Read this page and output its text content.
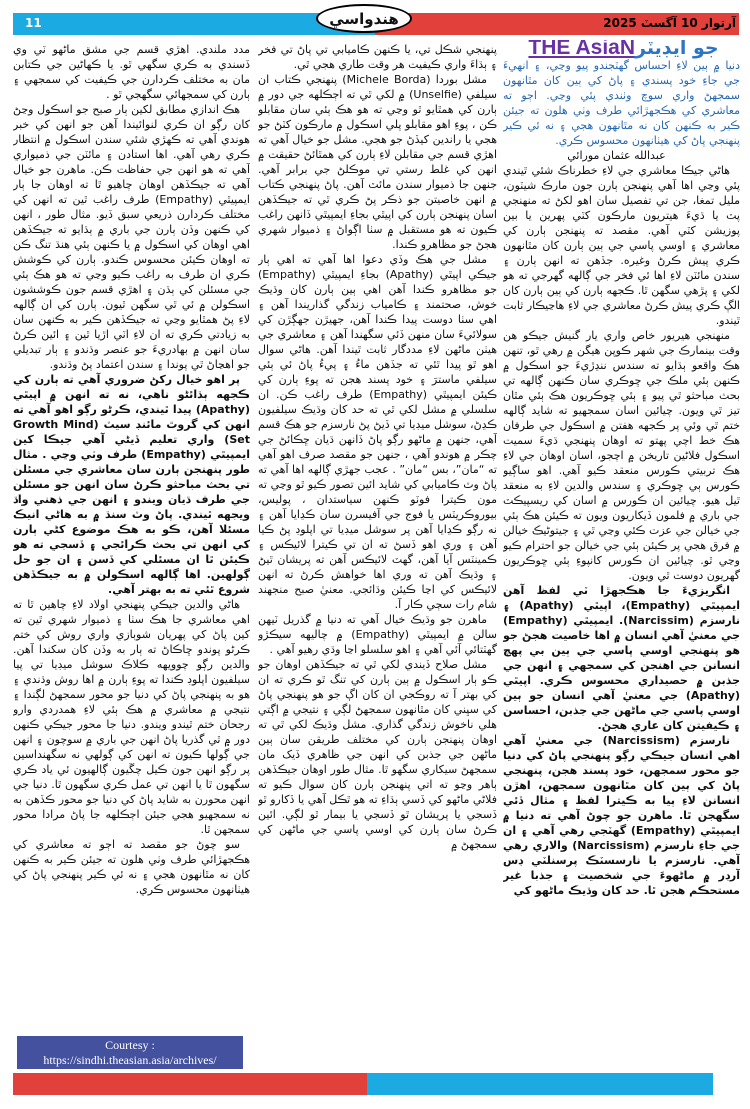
11	آرتوار 10 آگسٽ 2025
هندواسي

THE AsiaNجو ايڊيٽر

دنيا ۾ ٻين لاءِ احساس گهٽجندو پيو وڃي، ۽ انهيءَ جي جاءِ خود پسندي ۽ پاڻ کي ٻين کان مٿانهون سمجهڻ واري سوچ وٺندي پئي وڃي. اڄو ته معاشري کي هڪجهڙائي طرف وٺي هلون ته جيئن ڪير به ڪنهن کان نه مٿانهون هجي ۽ نه ئي ڪير پنهنجي پاڻ کي هيٺانهون محسوس ڪري.

عبدالله عثمان مورائي

هاڻي جيڪا معاشري جي لاءِ خطرناڪ شئي ٿيندي پئي وڃي اها آهي پنهنجن ٻارن جون مارڪ شيٽون، مليل تمغا، جن تي تفصيل سان اهو لکڻ ته منهنجي پٽ يا ڌيءَ هيتريون مارڪون کٽي پهرين يا بين پوزيشن کٽي آهي. مقصد ته پنهنجن ٻارن کي معاشري ۽ اوسي پاسي جي ٻين ٻارن کان مٿانهون ڪري پيش ڪرڻ وغيره. جڏهن ته انهن ٻارن ۽ سندن مائٽن لاءِ اها ئي فخر جي ڳالهه گهرجي ته هو لکي ۽ پڙهي سگهن ٿا. ڪجهه ٻارن کي ٻين ٻارن کان الڳ ڪري پيش ڪرڻ معاشري جي لاءِ هاڃيڪار ثابت ٿيندو.

منهنجي هيريور خاص واري يار گنيش جيڪو هن وقت بينمارڪ جي شهر ڪوپن هيگن ۾ رهي ٿو، تنهن هڪ واقعو ٻڌايو ته سندس ننڍڙيءَ جو اسڪول ۾ ڪنهن ٻئي ملڪ جي ڇوڪري سان ڪنهن ڳالهه تي بحث مباحثو ٿي پيو ۽ ٻئي ڇوڪريون هڪ ٻئي مٿان تيز ٿي ويون. چيائين اسان سمجهيو ته شايد ڳالهه ختم ٿي وئي پر ڪجهه هفتن ۾ اسڪول جي طرفان هڪ خط اچي پهتو ته اوهان پنهنجي ڌيءَ سميت اسڪول فلاڻين تاريخن ۾ اچجو، اسان اوهان جي لاءِ هڪ تربيتي ڪورس منعقد ڪيو آهي. اهو ساڳيو ڪورس ٻي ڇوڪري ۽ سندس والدين لاءِ به منعقد ٿيل هيو. چيائين ان ڪورس ۾ اسان کي ريسپيڪٽ جي باري ۾ فلمون ڏيکاريون ويون ته ڪيئن هڪ ٻئي جي خيالن جي عزت ڪئي وڃي ٿي ۽ جيتوڻيڪ خيالن ۾ فرق هجي پر ڪيئن ٻئي جي خيالن جو احترام ڪيو وڃي ٿو. چيائين ان ڪورس کانپوءِ ٻئي ڇوڪريون گهريون دوست ٿي ويون.

انگريزيءَ جا هڪجهڙا ٽي لفظ آهن ايمپيٿي (Empathy)، اپيٿي (Apathy) ۽ نارسزم (Narcissim). ايمپيٿي (Empathy) جي معنيٰ آهي انسان ۾ اها خاصيت هجڻ جو هو پنهنجي اوسي پاسي جي ٻين بي پهچ انسانن جي اهنجن کي سمجهي ۽ انهن جي جذبن ۾ حصيداري محسوس ڪري. اپيٿي (Apathy) جي معنيٰ آهي انسان جو ٻين اوسي پاسي جي ماڻهن جي جذبن، احساسن ۽ ڪيفيتن کان عاري هجڻ.

نارسزم (Narcissism) جي معنيٰ آهي اهي انسان جيڪي رڳو پنهنجي پاڻ کي دنيا جو محور سمجهن، خود پسند هجن، پنهنجي پاڻ کي ٻين کان مٿانهون سمجهن، اهڙن انسانن لاءِ ٻيا به ڪيترا لفظ ۽ مثال ڏئي سگهجن ٿا. ماهرن جو چوڻ آهي ته دنيا ۾ ايمپيٿي (Empathy) گهٽجي رهي آهي ۽ ان جي جاءِ نارسزم (Narcissism) والاري رهي آهي. نارسزم يا نارسسٽڪ پرسنلٽي ڊس آرڊر ۾ ماڻهوءَ جي شخصيت ۽ جذبا غير مستحڪم هجن ٿا. حد کان وڌيڪ ماڻهو کي

پنهنجي شڪل تي، يا ڪنهن ڪاميابي تي پاڻ تي فخر ۽ ٻڌاءَ واري ڪيفيت هر وقت طاري هجي ٿي.

مشل بوردا (Michele Borda) پنهنجي ڪتاب ان سيلفي (Unselfie) ۾ لکي ٿي ته اڄڪلهه جي دور ۾ ٻارن کي همٿايو ٿو وڃي ته هو هڪ ٻئي سان مقابلو ڪن ، پوءِ اهو مقابلو پلي اسڪول ۾ مارڪون کٽڻ جو هجي يا راندين کيڏڻ جو هجي. مشل جو خيال آهي ته اهڙي قسم جي مقابلن لاءِ ٻارن کي همٿائڻ حقيقت ۾ انهن کي غلط رستي تي موڪلڻ جي برابر آهي. جنهن جا ذميوار سندن مائٽ آهن. پاڻ پنهنجي ڪتاب ۾ انهن خاصيتن جو ذڪر پڻ ڪري ٿي ته جيڪڏهن اسان پنهنجن ٻارن کي اپيٿي بجاءِ ايمپيٿي ڏانهن راغب ڪيون ته هو مستقبل ۾ سٺا اڳواڻ ۽ ذميوار شهري هجڻ جو مظاهرو ڪندا.

مشل جي هڪ وڏي دعوا اها آهي ته اهي ٻار جيڪي اپيٿي (Apathy) بجاءِ ايمپيٿي (Empathy) جو مظاهرو ڪندا آهن اهي ٻين ٻارن کان وڌيڪ خوش، صحتمند ۽ ڪامياب زندگي گذاريندا آهن ۽ اهي سٺا دوست پيدا ڪندا آهن، جهيڙن جهڳڙن کي سولائيءَ سان منهن ڏئي سگهندا آهن ۽ معاشري جي هيٺن ماڻهن لاءِ مددگار ثابت ٿيندا آهن. هاڻي سوال اهو ٿو پيدا ٿئي ته جڏهن ماءُ ۽ پيءُ پاڻ ئي ٻئي سيلفي ماسترَ ۽ خود پسند هجن ته پوءِ ٻارن کي ڪيئن ايمپيٿي (Empathy) طرف راغب ڪن. ان سلسلي ۾ مشل لکي ٿي ته حد کان وڌيڪ سيلفيون ڪڍڻ، سوشل ميڊيا تي ڏيڻ پڻ نارسزم جو هڪ قسم آهي، جنهن ۾ ماڻهو رڳو پاڻ ڏانهن ڌيان ڇڪائڻ جي چڪر ۾ هوندو آهي ، جنهن جو مقصد صرف اهو آهي ته “مان”، بس “مان” . عجب جهڙي ڳالهه اها آهي ته پاڻ وٽ ڪاميابي کي شايد ائين تصور ڪيو ٿو وڃي ته مون ڪيترا فوٽو ڪنهن سياستدان ، پوليس، بيوروڪريٽس يا فوج جي آفيسرن سان ڪڍايا آهن ۽ نه رڳو ڪڍايا آهن پر سوشل ميڊيا تي اپلوڊ پڻ ڪيا آهن ۽ وري اهو ڏسڻ ته ان تي ڪيترا لائيڪس ۽ ڪمينٽس آيا آهن، گهٽ لائيڪس آهن ته پريشان ٿيڻ ۽ وڌيڪ آهن ته وري اها خواهش ڪرڻ ته انهن لائيڪس کي اڃا ڪيئن وڌائجي. معنيٰ صبح منجهند شام رات سڄي ڪار آ.

ماهرن جو وڌيڪ خيال آهي ته دنيا ۾ گذريل ٽيهن سالن ۾ ايمپيٿي (Empathy) ۾ چاليهه سيڪڙو گهٽتائي آئي آهي ۽ اهو سلسلو اڃا وڌي رهيو آهي .

مشل صلاح ڏيندي لکي ٿي ته جيڪڏهن اوهان جو ڪو ٻار اسڪول ۾ ٻين ٻارن کي تنگ ٿو ڪري ته ان کي بهتر آ ته روڪجي ان کان اڳ جو هو پنهنجي پاڻ کي سڀني کان مٿانهون سمجهڻ لڳي ۽ نتيجي ۾ اڳتي هلي ناخوش زندگي گذاري. مشل وڌيڪ لکي ٿي ته اوهان پنهنجن ٻارن کي مختلف طريقن سان ٻين ماڻهن جي جذبن کي انهن جي ظاهري ڏيک مان سمجهڻ سيکاري سگهو ٿا. مثال طور اوهان جيڪڏهن ٻاهر وڃو ته اتي پنهنجن ٻارن کان سوال ڪيو ته فلاڻي ماڻهو کي ڏسي ٻڌاءِ ته هو ٿڪل آهي يا ڏکارو ٿو ڏسجي يا پريشان ٿو ڏسجي يا بيمار ٿو لڳي. ائين ڪرڻ سان ٻارن کي اوسي پاسي جي ماڻهن کي سمجهڻ ۾

مدد ملندي. اهڙي قسم جي مشق ماڻهو ٽي وي ڏسندي به ڪري سگهي ٿو. يا ڪهاڻين جي ڪتابن مان به مختلف ڪردارن جي ڪيفيت کي سمجهي ۽ ٻارن کي سمجهائي سگهجي ٿو .

هڪ اندازي مطابق لکين ٻار صبح جو اسڪول وڃڻ کان رڳو ان ڪري لنوائيندا آهن جو انهن کي خبر هوندي آهي ته ڪهڙي شئي سندن اسڪول ۾ انتظار ڪري رهي آهي. اها استادن ۽ مائٽن جي ذميواري آهي ته هو انهن جي حفاظت ڪن. ماهرن جو خيال آهي ته جيڪڏهن اوهان چاهيو ٿا ته اوهان جا ٻار ايمپيٿي (Empathy) طرف راغب ٿين ته انهن کي مختلف ڪردارن ذريعي سبق ڏيو. مثال طور ، انهن کي ڪنهن وڏن ٻارن جي باري ۾ ٻڌايو ته جيڪڏهن اهي اوهان کي اسڪول ۾ يا ڪنهن ٻئي هنڌ تنگ ڪن ته اوهان ڪيئن محسوس ڪندو. ٻارن کي ڪوشش ڪري ان طرف به راغب ڪيو وڃي ته هو هڪ ٻئي جي مسئلن کي ٻڌن ۽ اهڙي قسم جون ڪوششون اسڪولن ۾ ئي ٿي سگهن ٿيون. ٻارن کي ان ڳالهه لاءِ پڻ همٿايو وڃي ته جيڪڏهن ڪير به ڪنهن سان به زيادتي ڪري ته ان لاءِ اٽي اڙيا ٿين ۽ ائين ڪرڻ سان انهن ۾ بهادريءَ جو عنصر وڌندو ۽ ٻار تبديلي جو اهڃاڻ ٿي پوندا ۽ سندن اعتماد پڻ وڌندو.

پر اهو خيال رکڻ ضروري آهي ته ٻارن کي ڪجهه ٻڌائڻو ناهي، نه ته انهن ۾ اپيٿي (Apathy) پيدا ٿيندي، ڪرڻو رڳو اهو آهي ته انهن کي گروٿ مائنڊ سيٽ (Growth Mind Set) واري تعليم ڏيڻي آهي جيڪا کين ايمپيٿي (Empathy) طرف وٺي وڃي . مثال طور پنهنجن ٻارن سان معاشري جي مسئلن تي بحث مباحثو ڪرڻ سان انهن جو مسئلن جي طرف ڌيان ويندو ۽ انهن جي ذهني واڌ ويجهه ٿيندي. پاڻ وٽ سنڌ ۾ به هاڻي انيڪ مسئلا آهن، ڪو به هڪ موضوع کڻي ٻارن کي انهن تي بحث ڪرائجي ۽ ڏسجي ته هو ڪيئن ٿا ان مسئلي کي ڏسن ۽ ان جو حل ڳولهين. اها ڳالهه اسڪولن ۾ به جيڪڏهن شروع ٿئي ته به بهتر آهي.

هاڻي والدين جيڪي پنهنجي اولاد لاءِ چاهين ٿا ته اهي معاشري جا هڪ سٺا ۽ ذميوار شهري ٿين ته کين پاڻ کي پهريان شوبازي واري روش کي ختم ڪرڻو پوندو ڇاڪاڻ ته ٻار به وڏن کان سکندا آهن. والدين رڳو چوويهه ڪلاڪ سوشل ميڊيا تي پيا سيلفيون اپلوڊ ڪندا ته پوءِ ٻارن ۾ اها روش وڌندي ۽ هو به پنهنجي پاڻ کي دنيا جو محور سمجهڻ لڳندا ۽ نتيجي ۾ معاشري ۾ هڪ ٻئي لاءِ همدردي وارو رجحان ختم ٿيندو ويندو. دنيا جا محور جيڪي ڪنهن دور ۾ ٿي گذريا پاڻ انهن جي باري ۾ سوچون ۽ انهن جي ڳولها ڪيون ته انهن کي ڳولهي نه سگهنداسين پر رڳو انهن جون ڪيل چڱيون ڳالهيون ئي ياد ڪري سگهون ٿا يا انهن تي عمل ڪري سگهون ٿا. دنيا جي انهن محورن به شايد پاڻ کي دنيا جو محور ڪڏهن به نه سمجهيو هجي جيئن اڄڪلهه جا پاڻ مرادا محور سمجهن ٿا.

سو چوڻ جو مقصد ته اڄو ته معاشري کي هڪجهڙائي طرف وٺي هلون ته جيئن ڪير به ڪنهن کان نه مٿانهون هجي ۽ نه ئي ڪير پنهنجي پاڻ کي هيٺانهون محسوس ڪري.

Courtesy :
https://sindhi.theasian.asia/archives/
